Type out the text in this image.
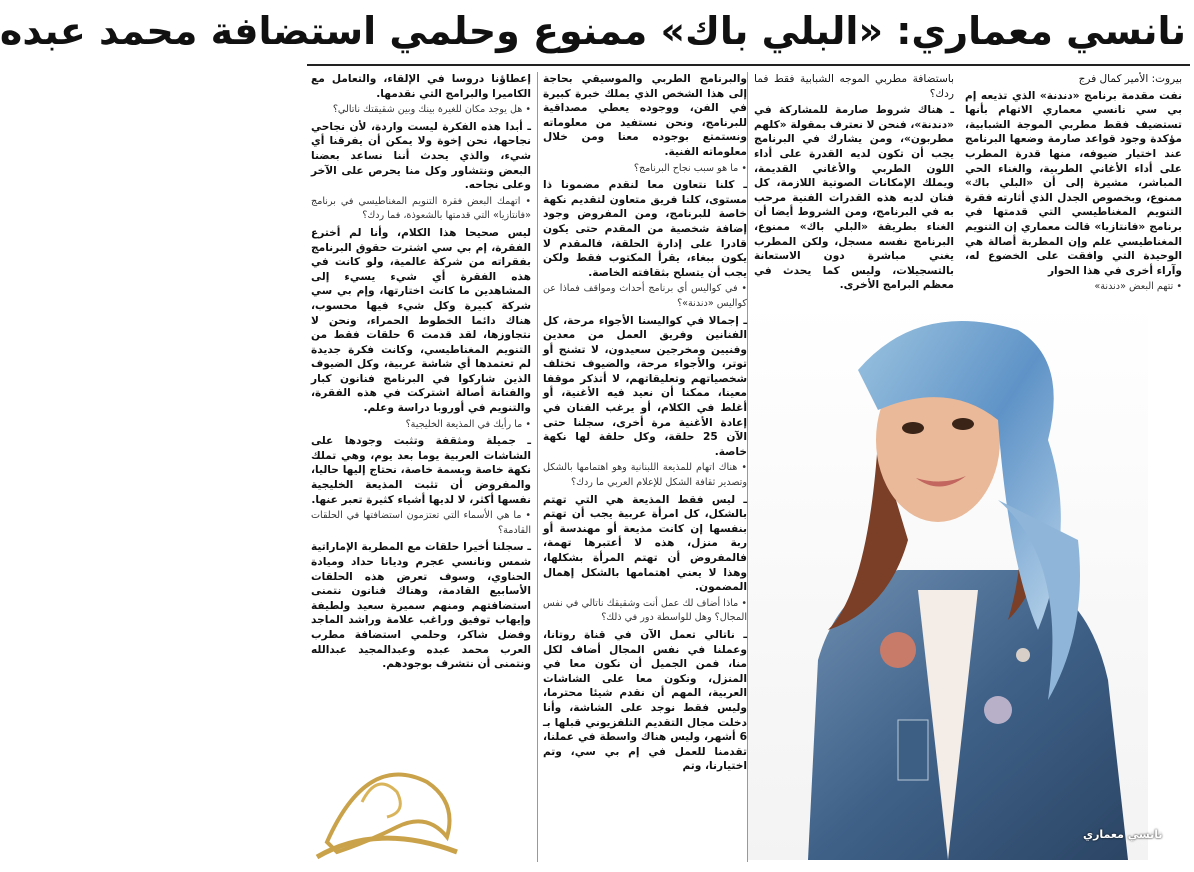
نانسي معماري: «البلي باك» ممنوع وحلمي استضافة محمد عبده

بيروت: الأمير كمال فرج

نفت مقدمة برنامج «دندنة» الذي تذيعه إم بي سي نانسي معماري الاتهام بأنها تستضيف فقط مطربي الموجة الشبابية، مؤكدة وجود قواعد صارمة وضعها البرنامج عند اختيار ضيوفه، منها قدرة المطرب على أداء الأغاني الطربية، والغناء الحي المباشر، مشيرة إلى أن «البلي باك» ممنوع، وبخصوص الجدل الذي أثارته فقرة التنويم المغناطيسي التي قدمتها في برنامج «فانتازيا» قالت معماري إن التنويم المغناطيسي علم وإن المطربة أصالة هي الوحيدة التي وافقت على الخضوع له، وآراء أخرى في هذا الحوار

• تتهم البعض «دندنة»

باستضافة مطربي الموجه الشبابية فقط فما ردك؟

ـ هناك شروط صارمة للمشاركة في «دندنة»، فنحن لا نعترف بمقولة «كلهم مطربون»، ومن يشارك في البرنامج يجب أن تكون لديه القدرة على أداء اللون الطربي والأغاني القديمة، ويملك الإمكانات الصوتية اللازمة، كل فنان لديه هذه القدرات الفنية مرحب به في البرنامج، ومن الشروط أيضا أن الغناء بطريقة «البلي باك» ممنوع، البرنامج نفسه مسجل، ولكن المطرب يغني مباشرة دون الاستعانة بالتسجيلات، وليس كما يحدث في معظم البرامج الأخرى.

والبرنامج الطربي والموسيقي بحاجة إلى هذا الشخص الذي يملك خبرة كبيرة في الفن، ووجوده يعطي مصداقية للبرنامج، ونحن نستفيد من معلوماته ونستمتع بوجوده معنا ومن خلال معلوماته الفنية.

• ما هو سبب نجاح البرنامج؟

ـ كلنا نتعاون معا لنقدم مضمونا ذا مستوى، كلنا فريق متعاون لتقديم نكهة خاصة للبرنامج، ومن المفروض وجود إضافة شخصية من المقدم حتى يكون قادرا على إدارة الحلقة، فالمقدم لا يكون ببغاء، يقرأ المكتوب فقط ولكن يجب أن يتسلح بثقافته الخاصة.

• في كواليس أي برنامج أحداث ومواقف فماذا عن كواليس «دندنة»؟

ـ إجمالا في كواليسنا الأجواء مرحة، كل الفنانين وفريق العمل من معدين وفنيين ومخرجين سعيدون، لا تشنج أو توتر، والأجواء مرحة، والضيوف تختلف شخصياتهم وتعليقاتهم، لا أتذكر موقفا معينا، ممكنا أن نعيد فيه الأغنية، أو أغلط في الكلام، أو يرغب الفنان في إعادة الأغنية مرة أخرى، سجلنا حتى الآن 25 حلقة، وكل حلقة لها نكهة خاصة.

• هناك اتهام للمذيعة اللبنانية وهو اهتمامها بالشكل وتصدير ثقافة الشكل للإعلام العربي ما ردك؟

ـ ليس فقط المذيعة هي التي تهتم بالشكل، كل امرأة عربية يجب أن تهتم بنفسها إن كانت مذيعة أو مهندسة أو ربة منزل، هذه لا أعتبرها تهمة، فالمفروض أن تهتم المرأة بشكلها، وهذا لا يعني اهتمامها بالشكل إهمال المضمون.

• ماذا أضاف لك عمل أنت وشقيقك ناتالي في نفس المجال؟ وهل للواسطة دور في ذلك؟

ـ ناتالي تعمل الآن في قناة روتانا، وعملنا في نفس المجال أضاف لكل منا، فمن الجميل أن نكون معا في المنزل، ونكون معا على الشاشات العربية، المهم أن نقدم شيئا محترما، وليس فقط نوجد على الشاشة، وأنا دخلت مجال التقديم التلفزيوني قبلها بـ 6 أشهر، وليس هناك واسطة في عملنا، تقدمنا للعمل في إم بي سي، وتم اختيارنا، وتم

إعطاؤنا دروسا في الإلقاء، والتعامل مع الكاميرا والبرامج التي نقدمها.

• هل يوجد مكان للغيرة بينك وبين شقيقتك ناتالي؟

ـ أبدا هذه الفكرة ليست واردة، لأن نجاحي نجاحها، نحن إخوة ولا يمكن أن يفرقنا أي شيء، والذي يحدث أننا نساعد بعضنا البعض ونتشاور وكل منا يحرص على الآخر وعلى نجاحه.

• اتهمك البعض فقرة التنويم المغناطيسي في برنامج «فانتازيا» التي قدمتها بالشعوذة، فما ردك؟

ليس صحيحا هذا الكلام، وأنا لم أخترع الفقرة، إم بي سي اشترت حقوق البرنامج بفقراته من شركة عالمية، ولو كانت في هذه الفقرة أي شيء يسيء إلى المشاهدين ما كانت اختارتها، وإم بي سي شركة كبيرة وكل شيء فيها محسوب، هناك دائما الخطوط الحمراء، ونحن لا نتجاوزها، لقد قدمت 6 حلقات فقط من التنويم المغناطيسي، وكانت فكرة جديدة لم تعتمدها أي شاشة عربية، وكل الضيوف الذين شاركوا في البرنامج فنانون كبار والفنانة أصالة اشتركت في هذه الفقرة، والتنويم في أوروبا دراسة وعلم.

• ما رأيك في المذيعة الخليجية؟

ـ جميلة ومثقفة وتثبت وجودها على الشاشات العربية يوما بعد يوم، وهي تملك نكهة خاصة وبسمة خاصة، نحتاج إليها حاليا، والمفروض أن تثبت المذيعة الخليجية نفسها أكثر، لا لديها أشياء كثيرة تعبر عنها.

• ما هي الأسماء التي تعتزمون استضافتها في الحلقات القادمة؟

ـ سجلنا أخيرا حلقات مع المطربة الإماراتية شمس ونانسي عجرم وديانا حداد وميادة الحناوي، وسوف تعرض هذه الحلقات الأسابيع القادمة، وهناك فنانون نتمنى استضافتهم ومنهم سميرة سعيد ولطيفة وإيهاب توفيق وراغب علامة وراشد الماجد وفضل شاكر، وحلمي استضافة مطرب العرب محمد عبده وعبدالمجيد عبدالله ونتمنى أن نتشرف بوجودهم.

نانسي معماري
